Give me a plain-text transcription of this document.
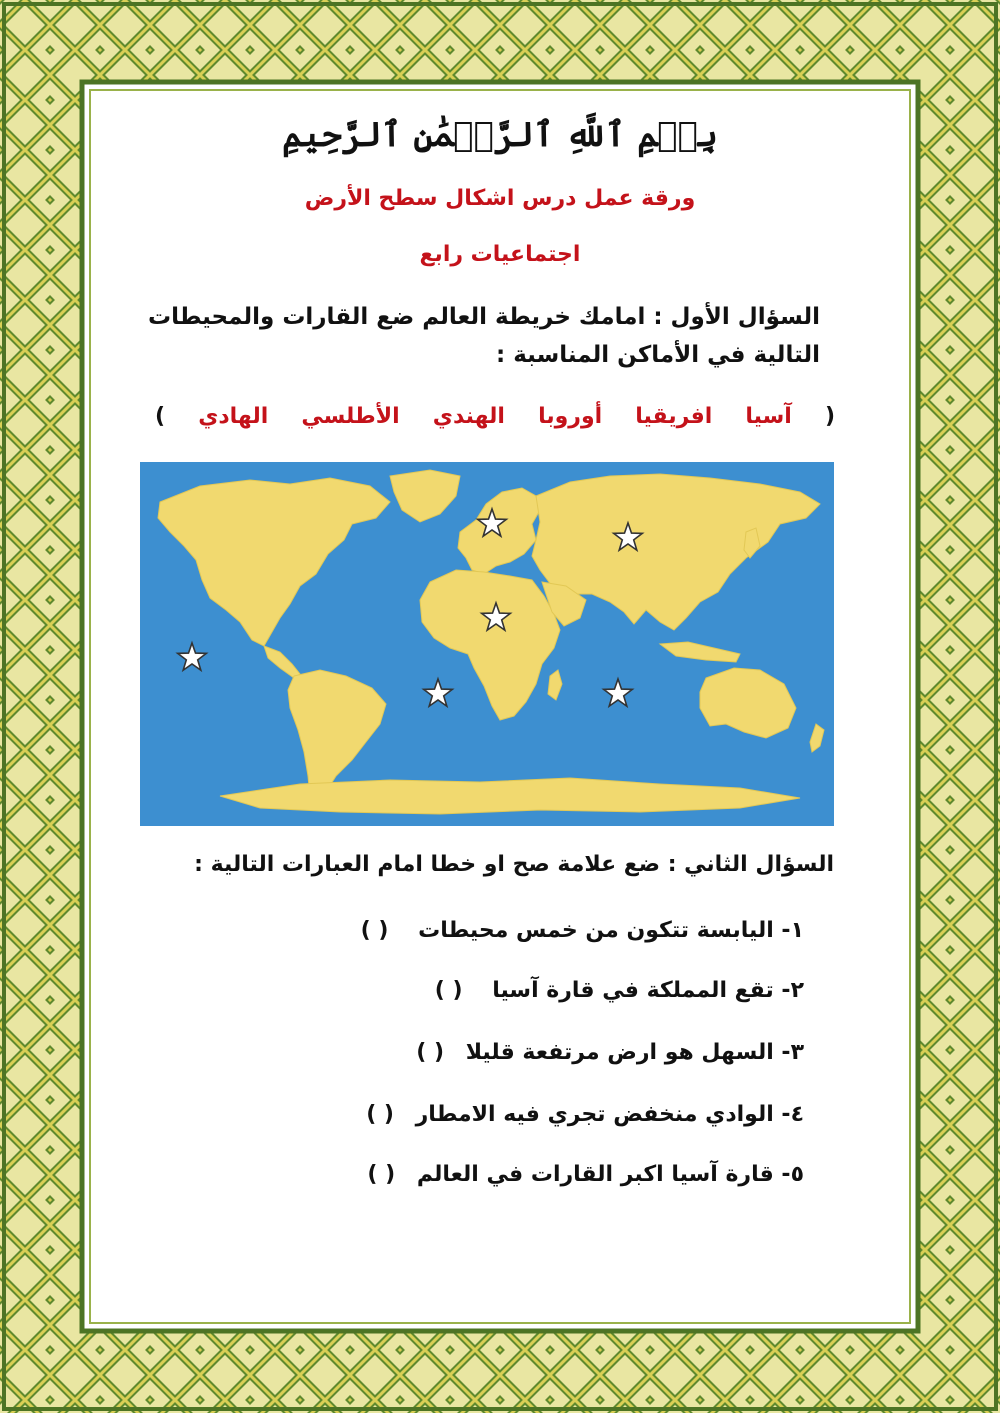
بِسۡمِ ٱللَّهِ ٱلرَّحۡمَٰنِ ٱلرَّحِيمِ
ورقة عمل درس اشكال سطح الأرض
اجتماعيات رابع
السؤال الأول : امامك خريطة العالم ضع القارات والمحيطات التالية في الأماكن المناسبة :
(
آسيا
افريقيا
أوروبا
الهندي
الأطلسي
الهادي
)
السؤال الثاني : ضع علامة صح او خطا امام العبارات التالية :
١- اليابسة تتكون من خمس محيطات ( )
٢- تقع المملكة في قارة آسيا ( )
٣- السهل هو ارض مرتفعة قليلا ( )
٤- الوادي منخفض تجري فيه الامطار ( )
٥- قارة آسيا اكبر القارات في العالم ( )
